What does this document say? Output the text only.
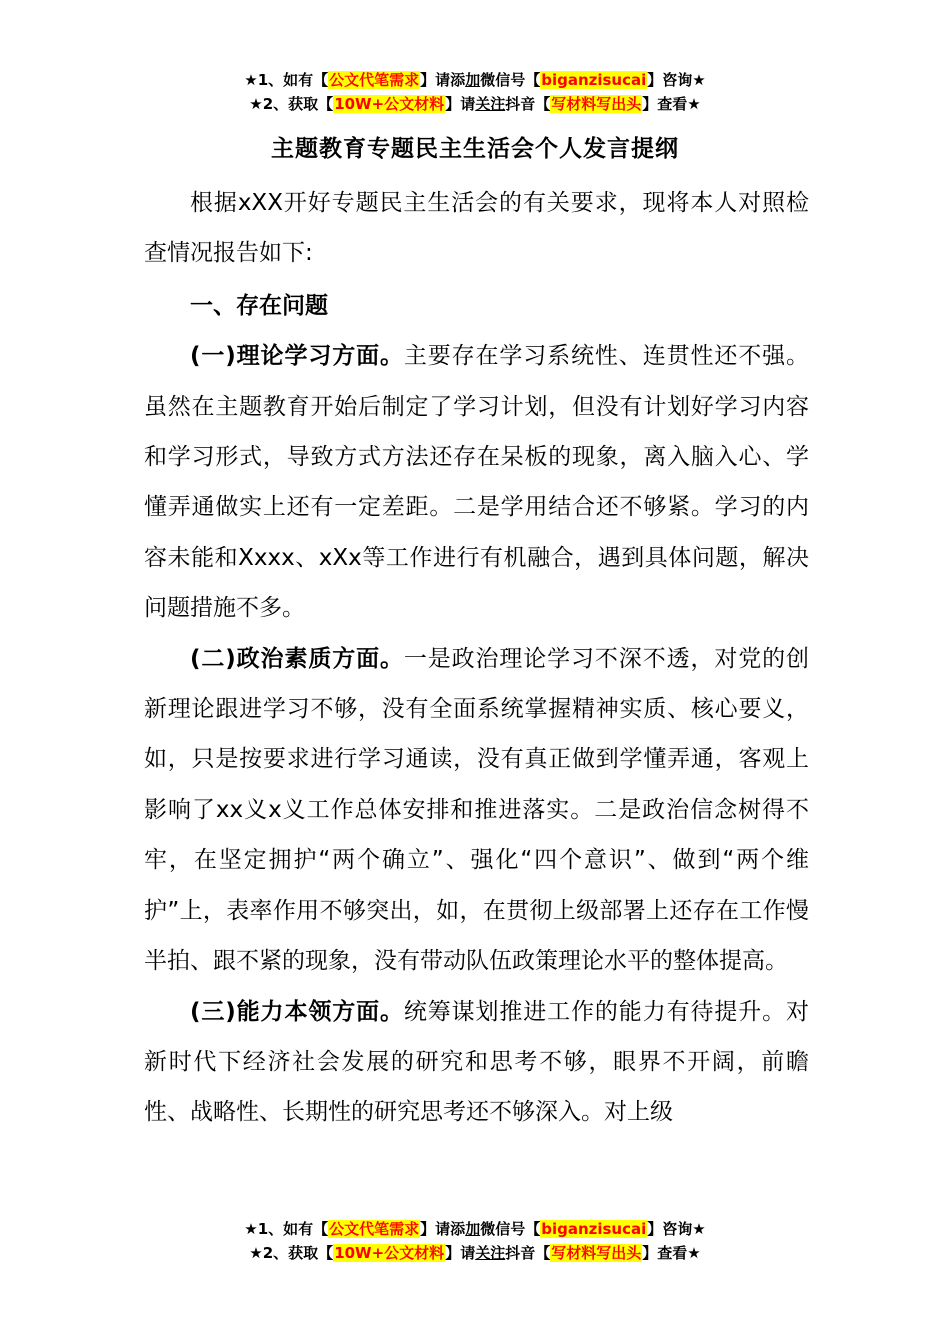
★1、如有【公文代笔需求】请添加微信号【biganzisucai】咨询★
★2、获取【10W+公文材料】请关注抖音【写材料写出头】查看★
主题教育专题民主生活会个人发言提纲

根据xXX开好专题民主生活会的有关要求，现将本人对照检查情况报告如下:

一、存在问题

(一)理论学习方面。主要存在学习系统性、连贯性还不强。虽然在主题教育开始后制定了学习计划，但没有计划好学习内容和学习形式，导致方式方法还存在呆板的现象，离入脑入心、学懂弄通做实上还有一定差距。二是学用结合还不够紧。学习的内容未能和Xxxx、xXx等工作进行有机融合，遇到具体问题，解决问题措施不多。

(二)政治素质方面。一是政治理论学习不深不透，对党的创新理论跟进学习不够，没有全面系统掌握精神实质、核心要义，如，只是按要求进行学习通读，没有真正做到学懂弄通，客观上影响了xx义x义工作总体安排和推进落实。二是政治信念树得不牢，在坚定拥护“两个确立”、强化“四个意识”、做到“两个维护”上，表率作用不够突出，如，在贯彻上级部署上还存在工作慢半拍、跟不紧的现象，没有带动队伍政策理论水平的整体提高。

(三)能力本领方面。统筹谋划推进工作的能力有待提升。对新时代下经济社会发展的研究和思考不够，眼界不开阔，前瞻性、战略性、长期性的研究思考还不够深入。对上级

★1、如有【公文代笔需求】请添加微信号【biganzisucai】咨询★
★2、获取【10W+公文材料】请关注抖音【写材料写出头】查看★
